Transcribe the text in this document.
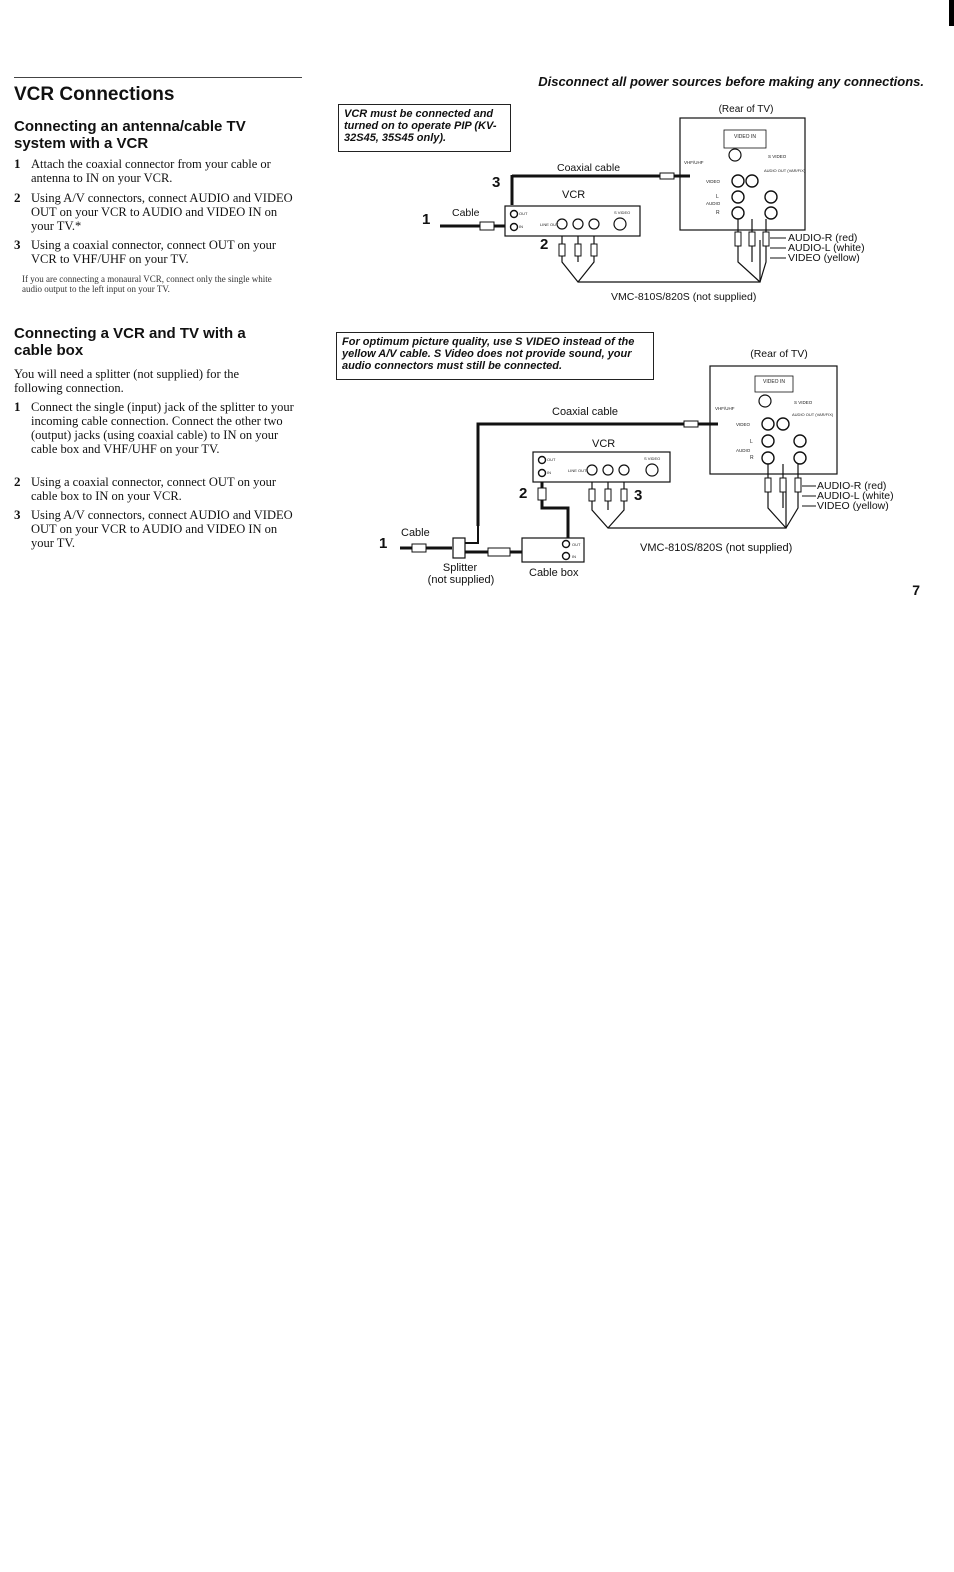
VCR Connections
Disconnect all power sources before making any connections.
Connecting an antenna/cable TV
system with a VCR
1 Attach the coaxial connector from your cable or antenna to IN on your VCR.
2 Using A/V connectors, connect AUDIO and VIDEO OUT on your VCR to AUDIO and VIDEO IN on your TV.*
3 Using a coaxial connector, connect OUT on your VCR to VHF/UHF on your TV.
If you are connecting a monaural VCR, connect only the single white audio output to the left input on your TV.
Connecting a VCR and TV with a
cable box
You will need a splitter (not supplied) for the following connection.
1 Connect the single (input) jack of the splitter to your incoming cable connection. Connect the other two (output) jacks (using coaxial cable) to IN on your cable box and VHF/UHF on your TV.
2 Using a coaxial connector, connect OUT on your cable box to IN on your VCR.
3 Using A/V connectors, connect AUDIO and VIDEO OUT on your VCR to AUDIO and VIDEO IN on your TV.
VCR must be connected and turned on to operate PIP (KV-32S45, 35S45 only).
For optimum picture quality, use S VIDEO instead of the yellow A/V cable. S Video does not provide sound, your audio connectors must still be connected.
VIDEO IN
S VIDEO
AUDIO OUT (VAR/FIX)
VHF/UHF
VIDEO
AUDIO
L
R
OUT
IN	LINE OUT
S VIDEO
(Rear of TV)
Coaxial cable
VCR
Cable
1
2
3
AUDIO-R (red)
AUDIO-L (white)
VIDEO (yellow)
VMC-810S/820S (not supplied)
VIDEO IN
S VIDEO
AUDIO OUT (VAR/FIX)
VHF/UHF
VIDEO
AUDIO
L
R
OUT
IN	LINE OUT
S VIDEO
OUT
IN
(Rear of TV)
Coaxial cable
VCR
Cable
1
2	3
Splitter
(not supplied)
Cable box
AUDIO-R (red)
AUDIO-L (white)
VIDEO (yellow)
VMC-810S/820S (not supplied)
7
